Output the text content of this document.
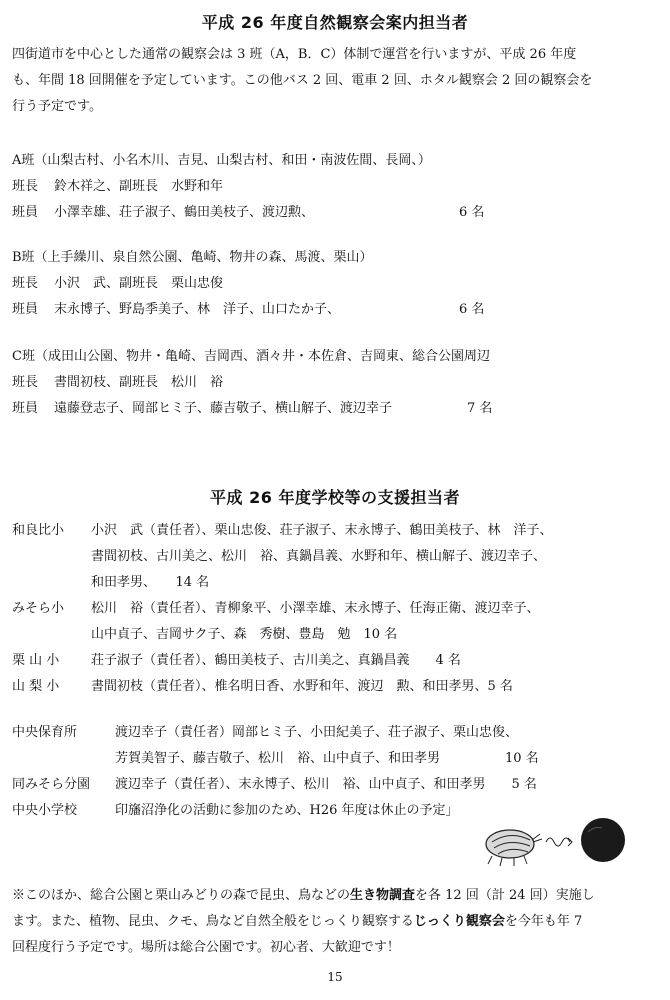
平成 26 年度自然観察会案内担当者
四街道市を中心とした通常の観察会は 3 班（A，B．C）体制で運営を行いますが、平成 26 年度
も、年間 18 回開催を予定しています。この他バス 2 回、電車 2 回、ホタル観察会 2 回の観察会を
行う予定です。
A班（山梨古村、小名木川、吉見、山梨古村、和田・南波佐間、長岡、）
班長 鈴木祥之、副班長　水野和年
班員 小澤幸雄、荘子淑子、鶴田美枝子、渡辺勲、	6 名
B班（上手繰川、泉自然公園、亀崎、物井の森、馬渡、栗山）
班長 小沢　武、副班長　栗山忠俊
班員 末永博子、野島季美子、林　洋子、山口たか子、	6 名
C班（成田山公園、物井・亀崎、吉岡西、酒々井・本佐倉、吉岡東、総合公園周辺
班長 書間初枝、副班長　松川　裕
班員 遠藤登志子、岡部ヒミ子、藤吉敬子、横山解子、渡辺幸子	7 名
平成 26 年度学校等の支援担当者
和良比小 小沢　武（責任者）、栗山忠俊、荘子淑子、末永博子、鶴田美枝子、林　洋子、
書間初枝、古川美之、松川　裕、真鍋昌義、水野和年、横山解子、渡辺幸子、
和田孝男、　　14 名
みそら小 松川　裕（責任者）、青柳象平、小澤幸雄、末永博子、任海正衛、渡辺幸子、
山中貞子、吉岡サク子、森　秀樹、豊島　勉　10 名
栗 山 小 荘子淑子（責任者）、鶴田美枝子、古川美之、真鍋昌義　　4 名
山 梨 小 書間初枝（責任者）、椎名明日香、水野和年、渡辺　勲、和田孝男、5 名
中央保育所	渡辺幸子（責任者）岡部ヒミ子、小田紀美子、荘子淑子、栗山忠俊、
芳賀美智子、藤吉敬子、松川　裕、山中貞子、和田孝男　　　　　10 名
同みそら分園 渡辺幸子（責任者）、末永博子、松川　裕、山中貞子、和田孝男　　5 名
中央小学校	印旛沼浄化の活動に参加のため、H26 年度は休止の予定」
※このほか、総合公園と栗山みどりの森で昆虫、鳥などの生き物調査を各 12 回（計 24 回）実施し
ます。また、植物、昆虫、クモ、鳥など自然全般をじっくり観察するじっくり観察会を今年も年 7
回程度行う予定です。場所は総合公園です。初心者、大歓迎です！
15
